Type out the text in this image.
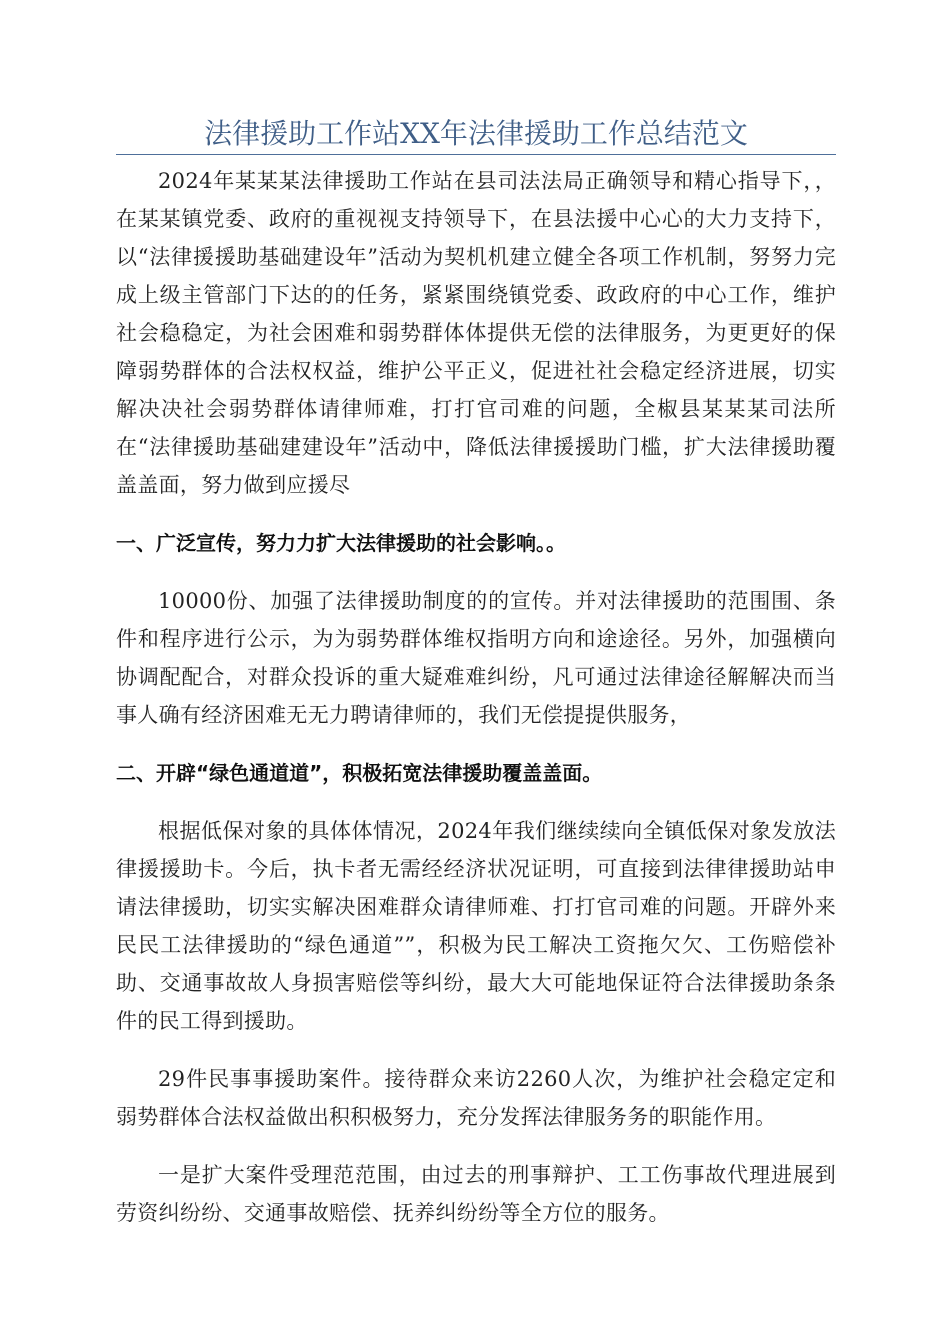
法律援助工作站XX年法律援助工作总结范文

2024年某某某法律援助工作站在县司法法局正确领导和精心指导下，，在某某镇党委、政府的重视视支持领导下，在县法援中心心的大力支持下，以“法律援援助基础建设年”活动为契机机建立健全各项工作机制，努努力完成上级主管部门下达的的任务，紧紧围绕镇党委、政政府的中心工作，维护社会稳稳定，为社会困难和弱势群体体提供无偿的法律服务，为更更好的保障弱势群体的合法权权益，维护公平正义，促进社社会稳定经济进展，切实解决决社会弱势群体请律师难，打打官司难的问题，全椒县某某某司法所在“法律援助基础建建设年”活动中，降低法律援援助门槛，扩大法律援助覆盖盖面，努力做到应援尽

一、广泛宣传，努力力扩大法律援助的社会影响。。

10000份、加强了法律援助制度的的宣传。并对法律援助的范围围、条件和程序进行公示，为为弱势群体维权指明方向和途途径。另外，加强横向协调配配合，对群众投诉的重大疑难难纠纷，凡可通过法律途径解解决而当事人确有经济困难无无力聘请律师的，我们无偿提提供服务，

二、开辟“绿色通道道”，积极拓宽法律援助覆盖盖面。

根据低保对象的具体体情况，2024年我们继续续向全镇低保对象发放法律援援助卡。今后，执卡者无需经经济状况证明，可直接到法律律援助站申请法律援助，切实实解决困难群众请律师难、打打官司难的问题。开辟外来民民工法律援助的“绿色通道””，积极为民工解决工资拖欠欠、工伤赔偿补助、交通事故故人身损害赔偿等纠纷，最大大可能地保证符合法律援助条条件的民工得到援助。

29件民事事援助案件。接待群众来访2260人次，为维护社会稳定定和弱势群体合法权益做出积积极努力，充分发挥法律服务务的职能作用。

一是扩大案件受理范范围，由过去的刑事辩护、工工伤事故代理进展到劳资纠纷纷、交通事故赔偿、抚养纠纷纷等全方位的服务。
